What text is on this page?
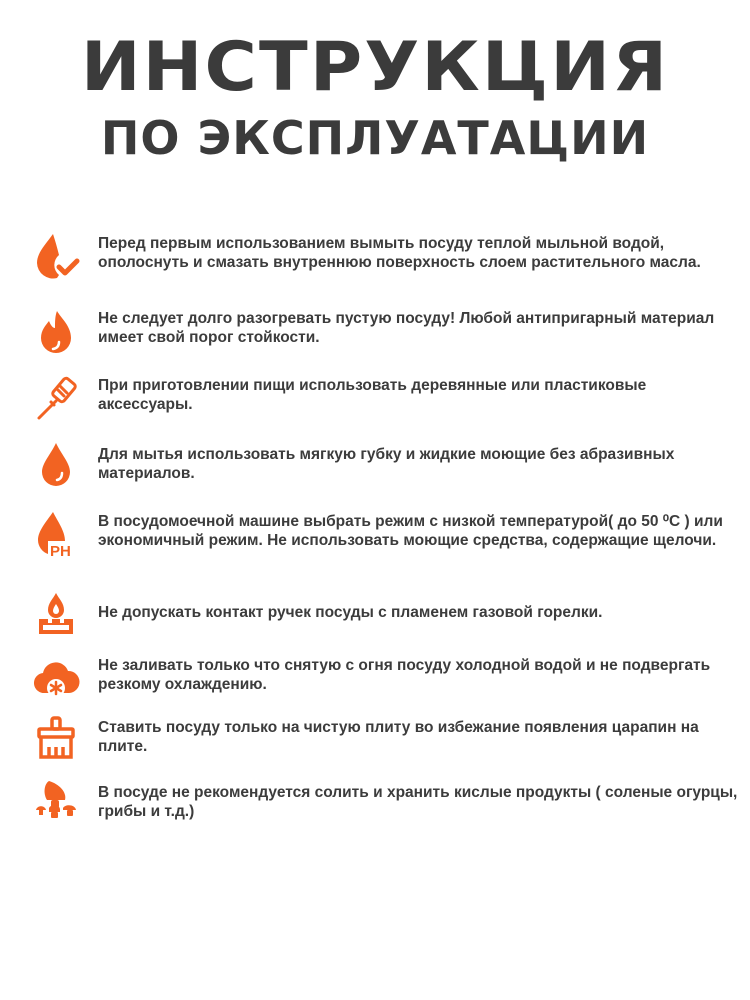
ИНСТРУКЦИЯ
ПО ЭКСПЛУАТАЦИИ
Перед первым использованием вымыть посуду теплой мыльной водой, ополоснуть и смазать внутреннюю поверхность слоем растительного масла.
Не следует долго разогревать пустую посуду! Любой антипригарный материал имеет свой порог стойкости.
При приготовлении пищи использовать деревянные или пластиковые аксессуары.
Для мытья использовать мягкую губку и жидкие моющие без абразивных материалов.
PH
В посудомоечной машине выбрать режим с низкой температурой( до 50 ⁰С ) или экономичный режим. Не использовать моющие средства, содержащие щелочи.
Не допускать контакт ручек посуды с пламенем газовой горелки.
Не заливать только что снятую с огня посуду холодной водой и не подвергать резкому охлаждению.
Ставить посуду только на чистую плиту во избежание появления царапин на плите.
В посуде не рекомендуется солить и хранить кислые продукты ( соленые огурцы, грибы и т.д.)
